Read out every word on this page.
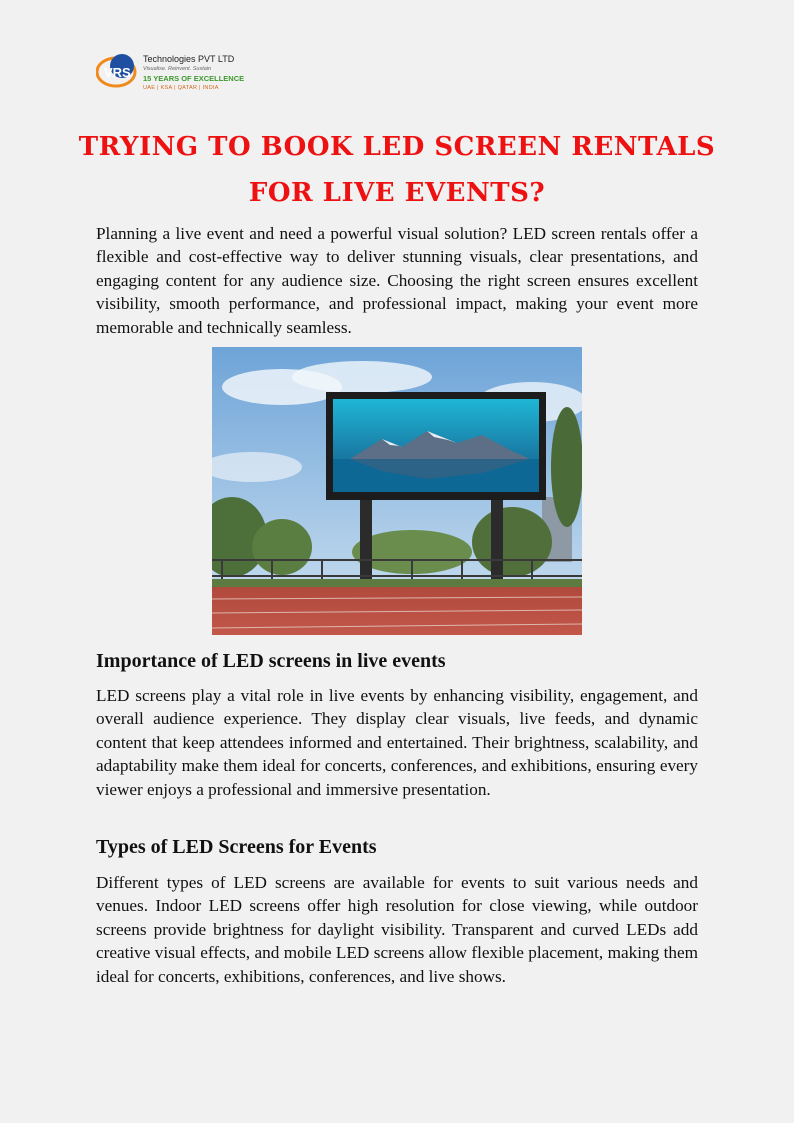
VRS
Technologies PVT LTD
Visualise. Reinvent. Sustain
15 YEARS OF EXCELLENCE
UAE | KSA | QATAR | INDIA
TRYING TO BOOK LED SCREEN RENTALS FOR LIVE EVENTS?

Planning a live event and need a powerful visual solution? LED screen rentals offer a flexible and cost-effective way to deliver stunning visuals, clear presentations, and engaging content for any audience size. Choosing the right screen ensures excellent visibility, smooth performance, and professional impact, making your event more memorable and technically seamless.

Importance of LED screens in live events

LED screens play a vital role in live events by enhancing visibility, engagement, and overall audience experience. They display clear visuals, live feeds, and dynamic content that keep attendees informed and entertained. Their brightness, scalability, and adaptability make them ideal for concerts, conferences, and exhibitions, ensuring every viewer enjoys a professional and immersive presentation.

Types of LED Screens for Events

Different types of LED screens are available for events to suit various needs and venues. Indoor LED screens offer high resolution for close viewing, while outdoor screens provide brightness for daylight visibility. Transparent and curved LEDs add creative visual effects, and mobile LED screens allow flexible placement, making them ideal for concerts, exhibitions, conferences, and live shows.
